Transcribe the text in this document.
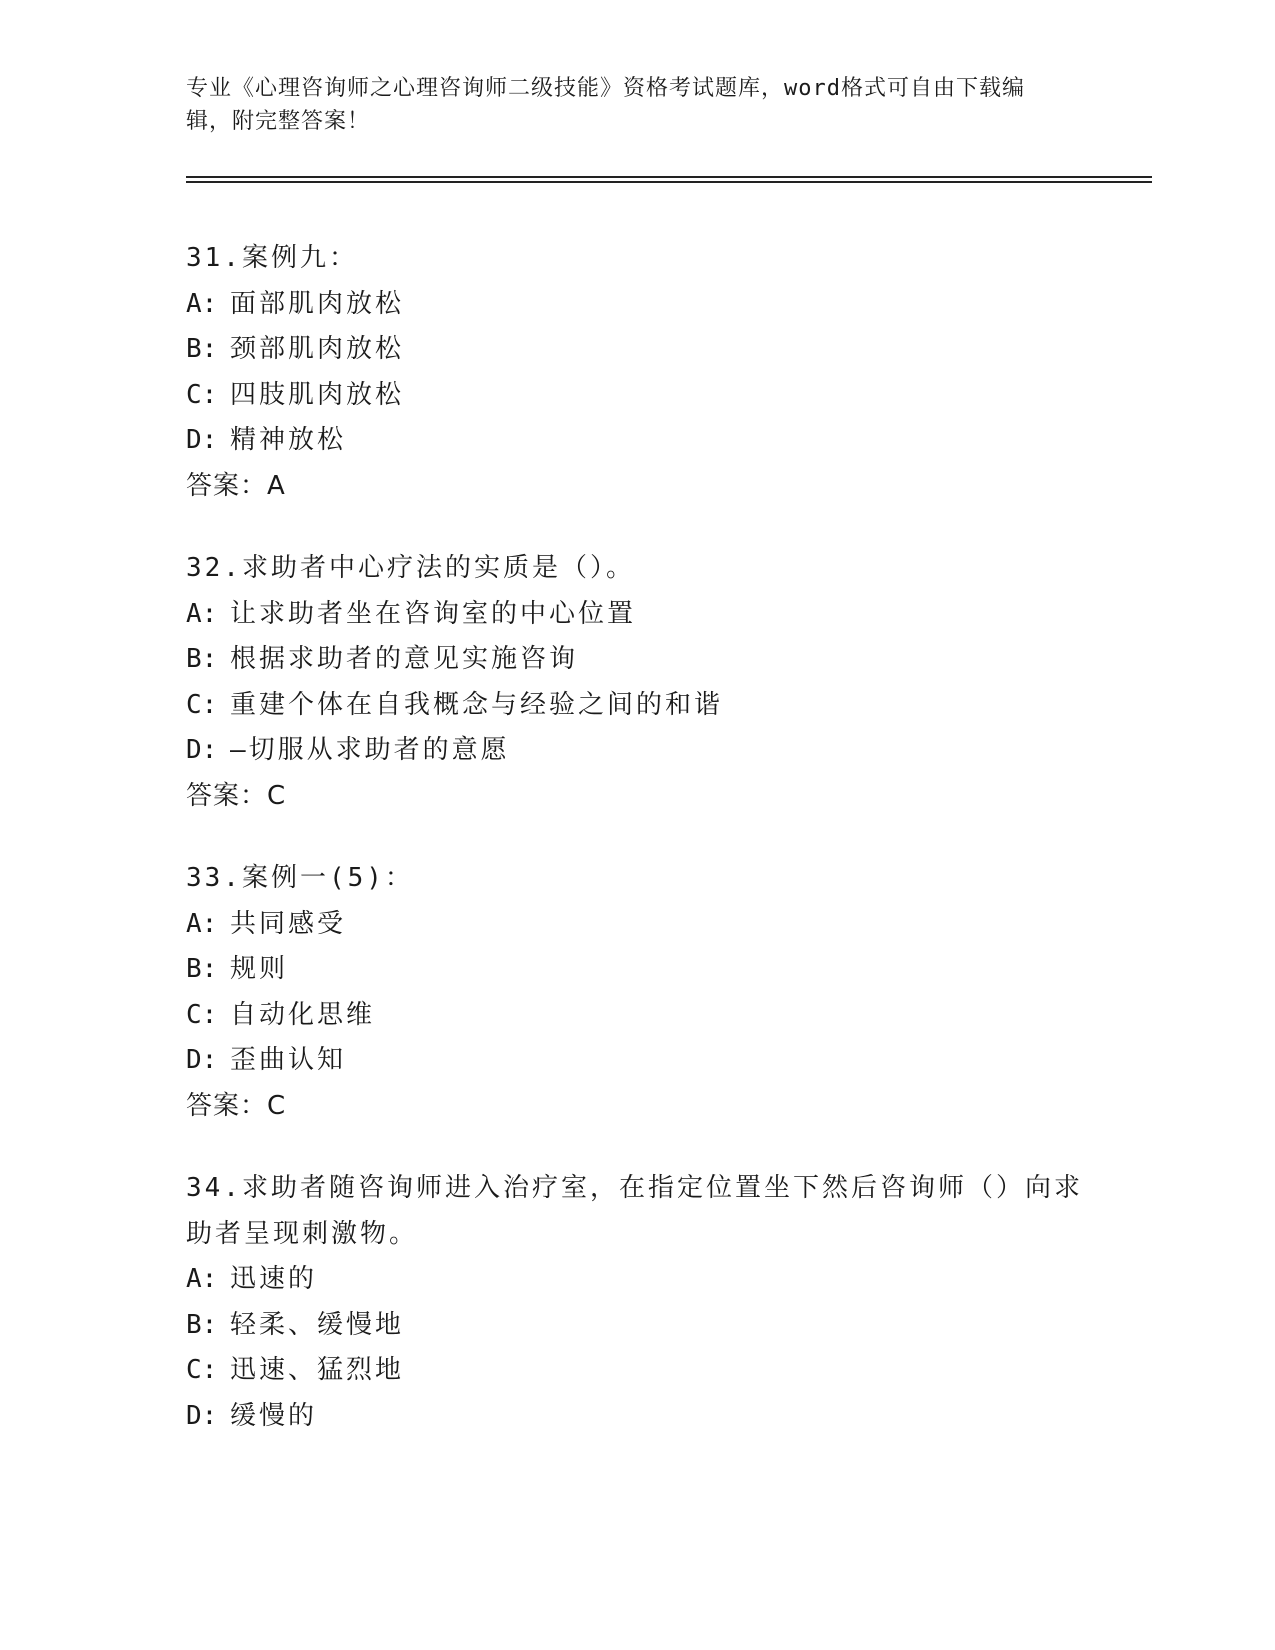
专业《心理咨询师之心理咨询师二级技能》资格考试题库，word格式可自由下载编辑，附完整答案！
31.案例九：
A: 面部肌肉放松
B: 颈部肌肉放松
C: 四肢肌肉放松
D: 精神放松
答案：A
32.求助者中心疗法的实质是（）。
A: 让求助者坐在咨询室的中心位置
B: 根据求助者的意见实施咨询
C: 重建个体在自我概念与经验之间的和谐
D: —切服从求助者的意愿
答案：C
33.案例一(5)：
A: 共同感受
B: 规则
C: 自动化思维
D: 歪曲认知
答案：C
34.求助者随咨询师进入治疗室，在指定位置坐下然后咨询师（）向求助者呈现刺激物。
A: 迅速的
B: 轻柔、缓慢地
C: 迅速、猛烈地
D: 缓慢的
